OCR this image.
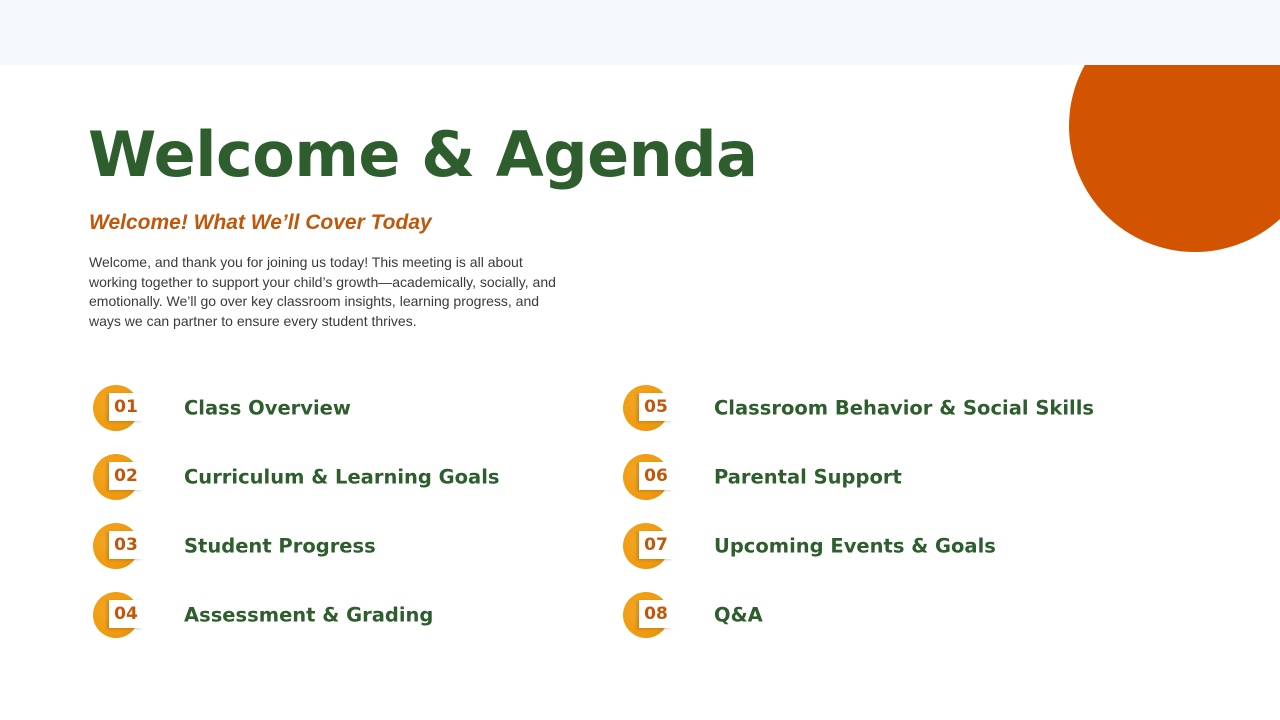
Welcome & Agenda
Welcome! What We’ll Cover Today

Welcome, and thank you for joining us today! This meeting is all about working together to support your child’s growth—academically, socially, and emotionally. We’ll go over key classroom insights, learning progress, and ways we can partner to ensure every student thrives.

01 Class Overview
02 Curriculum & Learning Goals
03 Student Progress
04 Assessment & Grading
05 Classroom Behavior & Social Skills
06 Parental Support
07 Upcoming Events & Goals
08 Q&A
